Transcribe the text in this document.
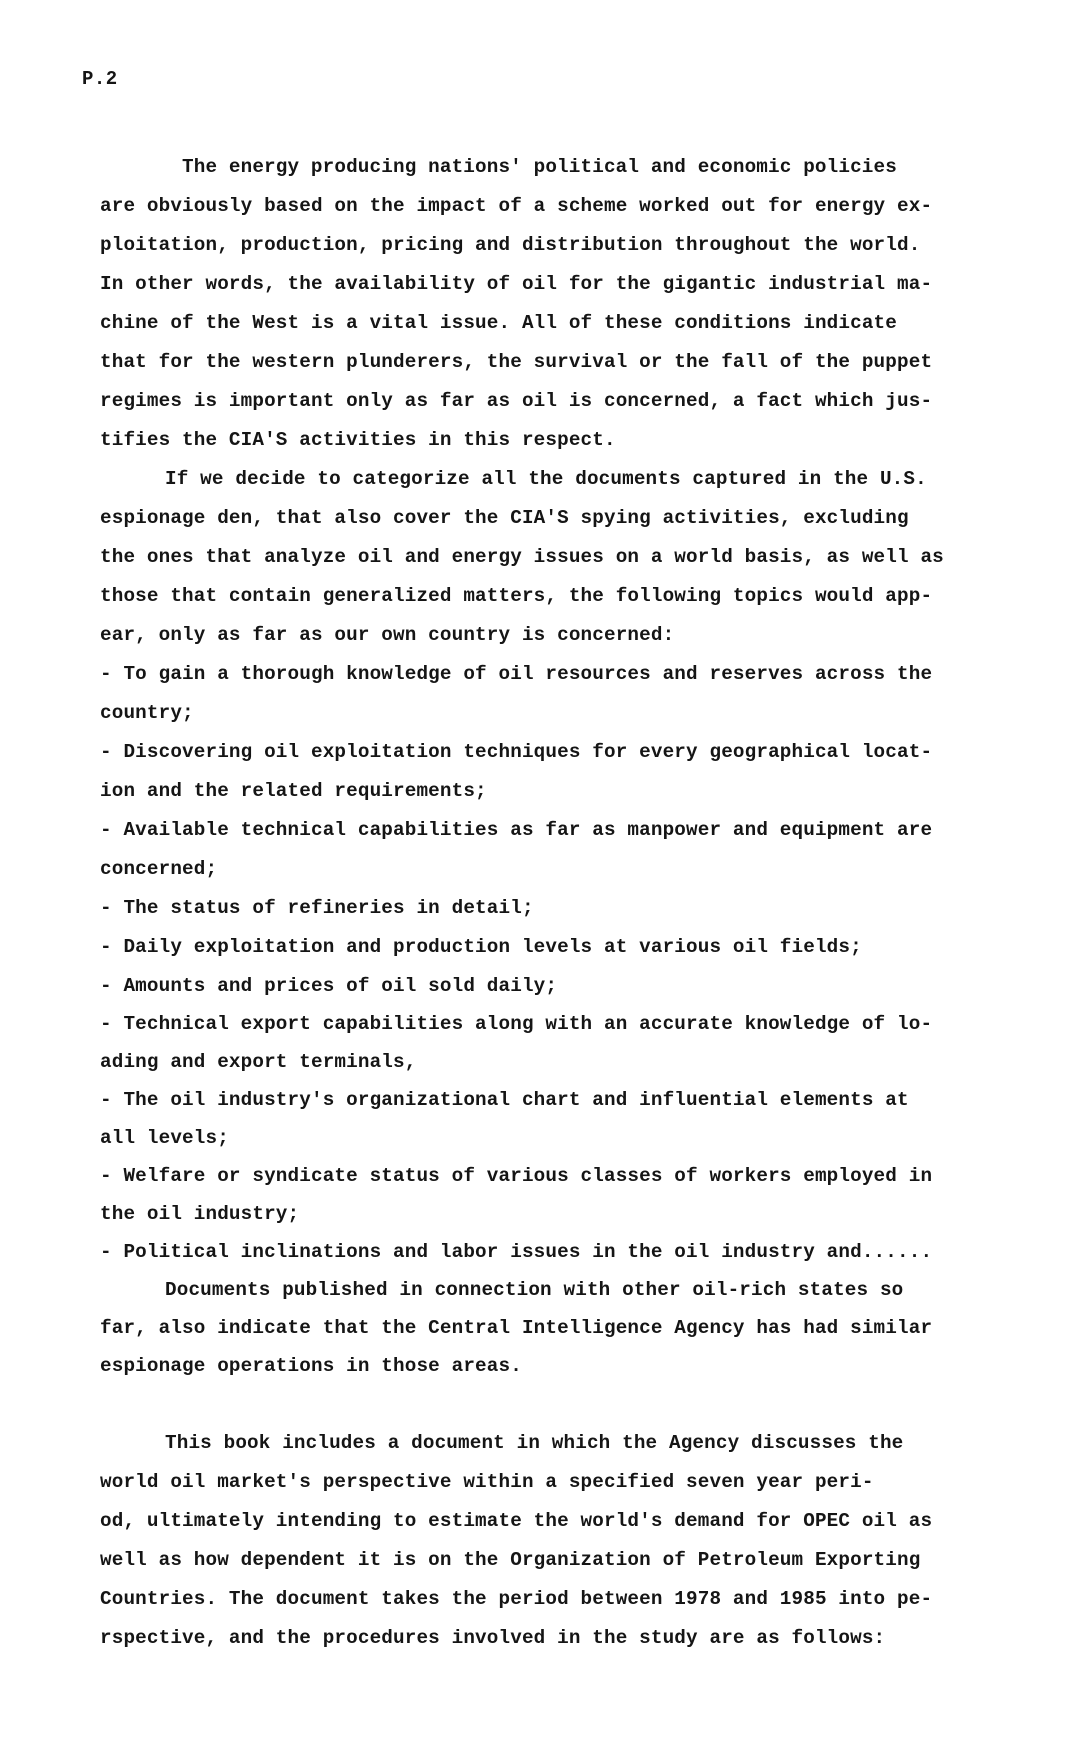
P.2
The energy producing nations' political and economic policies
are obviously based on the impact of a scheme worked out for energy ex-
ploitation, production, pricing and distribution throughout the world.
In other words, the availability of oil for the gigantic industrial ma-
chine of the West is a vital issue. All of these conditions indicate
that for the western plunderers, the survival or the fall of the puppet
regimes is important only as far as oil is concerned, a fact which jus-
tifies the CIA'S activities in this respect.
If we decide to categorize all the documents captured in the U.S.
espionage den, that also cover the CIA'S spying activities, excluding
the ones that analyze oil and energy issues on a world basis, as well as
those that contain generalized matters, the following topics would app-
ear, only as far as our own country is concerned:
- To gain a thorough knowledge of oil resources and reserves across the
country;
- Discovering oil exploitation techniques for every geographical locat-
ion and the related requirements;
- Available technical capabilities as far as manpower and equipment are
concerned;
- The status of refineries in detail;
- Daily exploitation and production levels at various oil fields;
- Amounts and prices of oil sold daily;
- Technical export capabilities along with an accurate knowledge of lo-
ading and export terminals,
- The oil industry's organizational chart and influential elements at
all levels;
- Welfare or syndicate status of various classes of workers employed in
the oil industry;
- Political inclinations and labor issues in the oil industry and......
Documents published in connection with other oil-rich states so
far, also indicate that the Central Intelligence Agency has had similar
espionage operations in those areas.
This book includes a document in which the Agency discusses the
world oil market's perspective within a specified seven year peri-
od, ultimately intending to estimate the world's demand for OPEC oil as
well as how dependent it is on the Organization of Petroleum Exporting
Countries. The document takes the period between 1978 and 1985 into pe-
rspective, and the procedures involved in the study are as follows:
